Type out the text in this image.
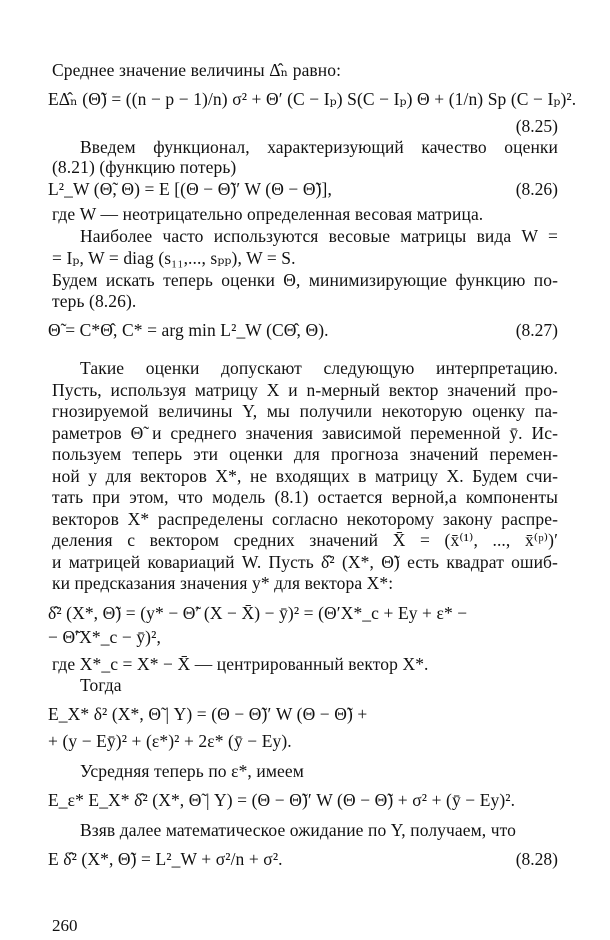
Среднее значение величины Δ̂ₙ равно:
EΔ̂ₙ (Θ̃) = ((n − p − 1)/n) σ² + Θ′ (C − Iₚ) S(C − Iₚ) Θ + (1/n) Sp (C − Iₚ)².
(8.25)
Введем функционал, характеризующий качество оценки
(8.21) (функцию потерь)
L²_W (Θ̃, Θ) = E [(Θ − Θ̃)′ W (Θ − Θ̃)],	(8.26)
где W — неотрицательно определенная весовая матрица.
Наиболее часто используются весовые матрицы вида W =
= Iₚ, W = diag (s₁₁,..., sₚₚ), W = S.
Будем искать теперь оценки Θ, минимизирующие функцию по-
терь (8.26).
Θ̃ = C*Θ̂, C* = arg min L²_W (CΘ̂, Θ).	(8.27)
Такие оценки допускают следующую интерпретацию.
Пусть, используя матрицу X и n-мерный вектор значений про-
гнозируемой величины Y, мы получили некоторую оценку па-
раметров Θ̃ и среднего значения зависимой переменной ȳ. Ис-
пользуем теперь эти оценки для прогноза значений перемен-
ной y для векторов X*, не входящих в матрицу X. Будем счи-
тать при этом, что модель (8.1) остается верной,а компоненты
векторов X* распределены согласно некоторому закону распре-
деления с вектором средних значений X̄ = (x̄⁽¹⁾, ..., x̄⁽ᵖ⁾)′
и матрицей ковариаций W. Пусть δ̂² (X*, Θ̃) есть квадрат ошиб-
ки предсказания значения y* для вектора X*:
δ̂² (X*, Θ̃) = (y* − Θ̃′ (X − X̄) − ȳ)² = (Θ′X*_c + Ey + ε* −
− Θ̃′X*_c − ȳ)²,
где X*_c = X* − X̄ — центрированный вектор X*.
Тогда
E_X* δ² (X*, Θ̃ | Y) = (Θ − Θ̃)′ W (Θ − Θ̃) +
+ (y − Eȳ)² + (ε*)² + 2ε* (ȳ − Ey).
Усредняя теперь по ε*, имеем
E_ε* E_X* δ̂² (X*, Θ̃ | Y) = (Θ − Θ̃)′ W (Θ − Θ̃) + σ² + (ȳ − Ey)².
260
Взяв далее математическое ожидание по Y, получаем, что
E δ̂² (X*, Θ̃) = L²_W + σ²/n + σ².	(8.28)
